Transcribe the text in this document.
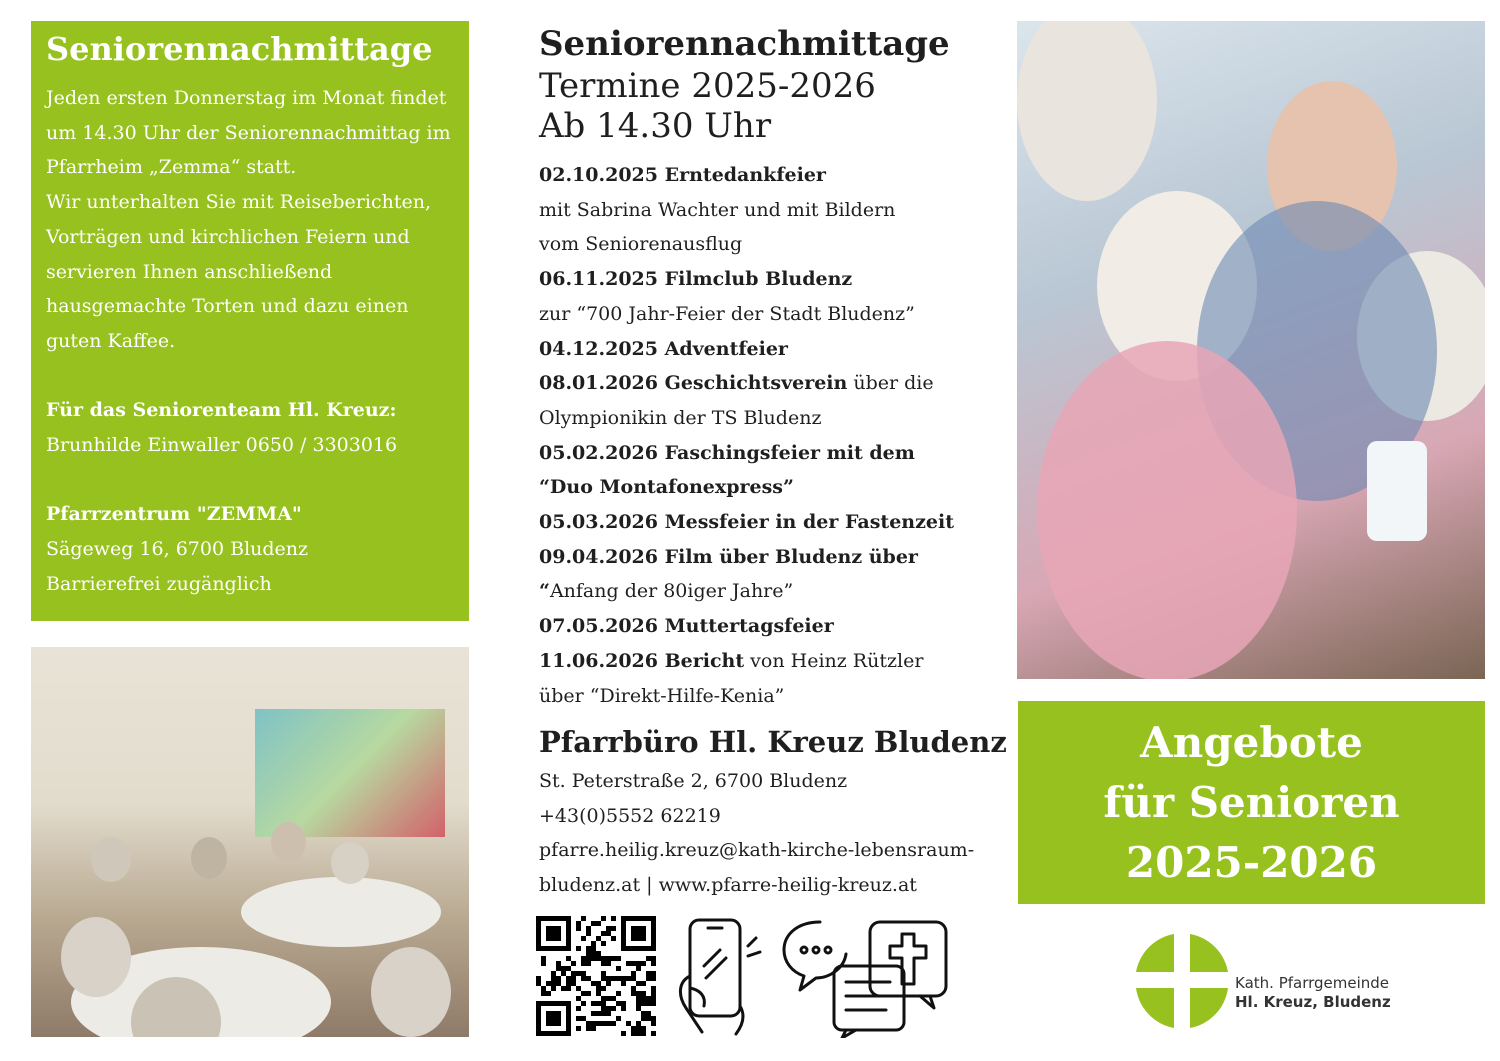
Seniorennachmittage

Jeden ersten Donnerstag im Monat findet

um 14.30 Uhr der Seniorennachmittag im

Pfarrheim „Zemma“ statt.

Wir unterhalten Sie mit Reiseberichten,

Vorträgen und kirchlichen Feiern und

servieren Ihnen anschließend

hausgemachte Torten und dazu einen

guten Kaffee.

Für das Seniorenteam Hl. Kreuz:

Brunhilde Einwaller 0650 / 3303016

Pfarrzentrum "ZEMMA"

Sägeweg 16, 6700 Bludenz

Barrierefrei zugänglich

Seniorennachmittage
Termine 2025-2026
Ab 14.30 Uhr
02.10.2025 Erntedankfeier
mit Sabrina Wachter und mit Bildern
vom Seniorenausflug
06.11.2025 Filmclub Bludenz
zur “700 Jahr-Feier der Stadt Bludenz”
04.12.2025 Adventfeier
08.01.2026 Geschichtsverein über die
Olympionikin der TS Bludenz
05.02.2026 Faschingsfeier mit dem
“Duo Montafonexpress”
05.03.2026 Messfeier in der Fastenzeit
09.04.2026 Film über Bludenz über
“Anfang der 80iger Jahre”
07.05.2026 Muttertagsfeier
11.06.2026 Bericht von Heinz Rützler
über “Direkt-Hilfe-Kenia”
Pfarrbüro Hl. Kreuz Bludenz
St. Peterstraße 2, 6700 Bludenz
+43(0)5552 62219
pfarre.heilig.kreuz@kath-kirche-lebensraum-
bludenz.at | www.pfarre-heilig-kreuz.at
Angebote
für Senioren
2025-2026
Kath. Pfarrgemeinde
Hl. Kreuz, Bludenz
